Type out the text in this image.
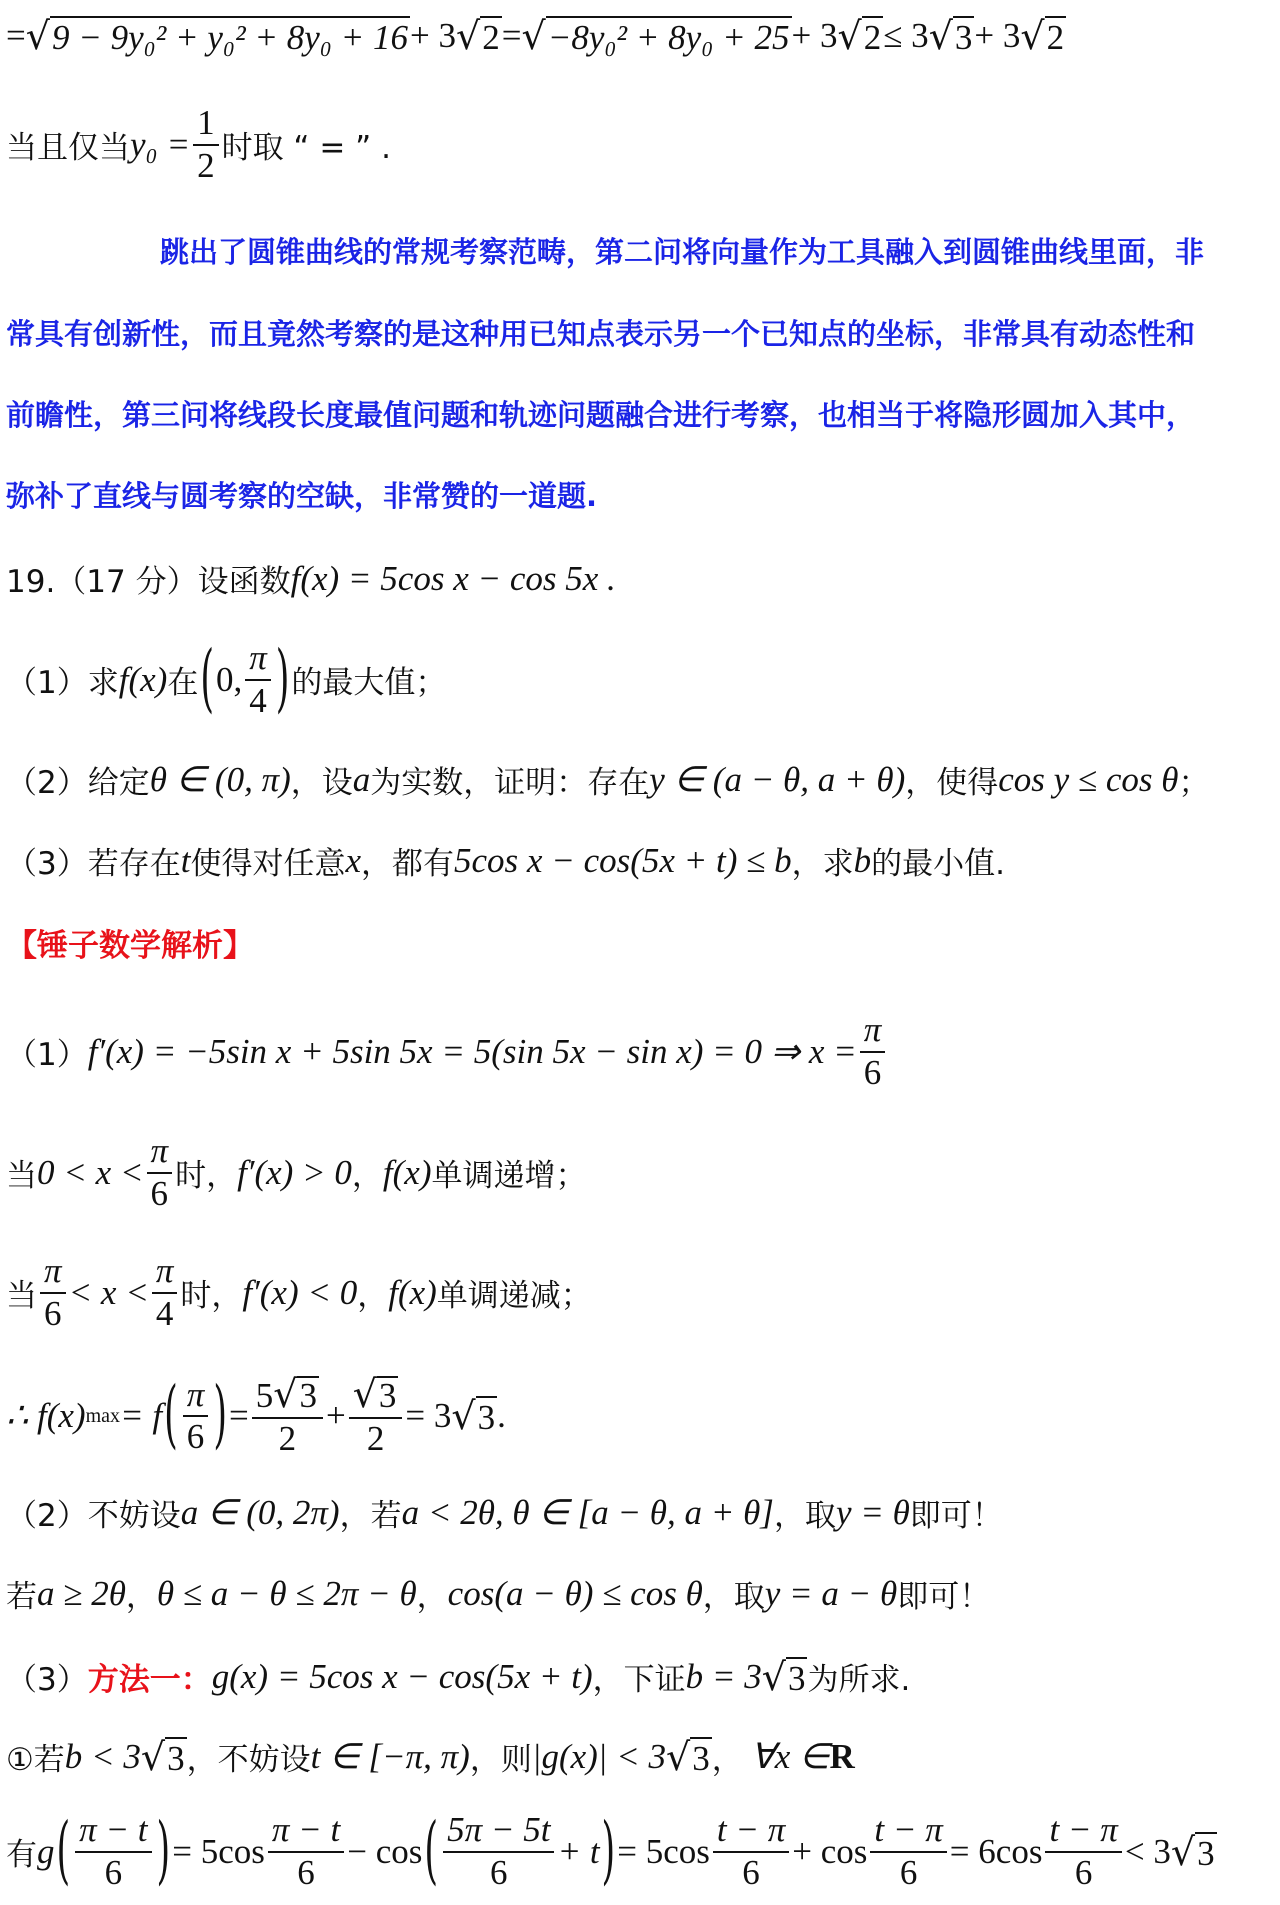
= √ 9 − 9y₀² + y₀² + 8y₀ + 16 + 3 √ 2 = √ −8y₀² + 8y₀ + 25 + 3 √ 2 ≤ 3 √ 3 + 3 √ 2
当且仅当 $y_0 = \frac{1}{2}$ 时取 “ = ” .
跳出了圆锥曲线的常规考察范畴，第二问将向量作为工具融入到圆锥曲线里面，非
常具有创新性，而且竟然考察的是这种用已知点表示另一个已知点的坐标，非常具有动态性和
前瞻性，第三问将线段长度最值问题和轨迹问题融合进行考察，也相当于将隐形圆加入其中，
弥补了直线与圆考察的空缺，非常赞的一道题.
19.（17 分）设函数 f(x) = 5cos x − cos 5x .
（1）求 f(x) 在 ( 0, $\frac{\pi}{4}$ ) 的最大值；
（2）给定 θ ∈ (0, π) ，设 a 为实数，证明：存在 y ∈ (a − θ, a + θ) ，使得 cos y ≤ cos θ ；
（3）若存在 t 使得对任意 x ，都有 5cos x − cos(5x + t) ≤ b ，求 b 的最小值.
【锤子数学解析】
（1） f′(x) = −5sin x + 5sin 5x = 5(sin 5x − sin x) = 0 ⇒ $x = \frac{\pi}{6}$
当 $0 < x < \frac{\pi}{6}$ 时， f′(x) > 0 ， f(x) 单调递增；
当 $\frac{\pi}{6} < x < \frac{\pi}{4}$ 时， f′(x) < 0 ， f(x) 单调递减；
∴ f(x) max = f ( $\frac{\pi}{6}$ ) = $\frac{5 √ 3}{2} + \frac{√ 3}{2} = 3$ √ 3 .
（2）不妨设 a ∈ (0, 2π) ，若 a < 2θ, θ ∈ [a − θ, a + θ] ，取 y = θ 即可！
若 a ≥ 2θ ， θ ≤ a − θ ≤ 2π − θ ， cos(a − θ) ≤ cos θ ，取 y = a − θ 即可！
（3） 方法一： g(x) = 5cos x − cos(5x + t) ，下证 b = 3 √ 3 为所求.
①若 b < 3 √ 3 ，不妨设 t ∈ [−π, π) ，则 |g(x)| < 3 √ 3 ， ∀x ∈ R
有 g ( $\frac{\pi - t}{6}$ ) = $5\cos \frac{\pi - t}{6} - \cos$ ( $\frac{5\pi - 5t}{6} + t$ ) = $5\cos \frac{t - \pi}{6} + \cos \frac{t - \pi}{6} = 6\cos \frac{t - \pi}{6} < 3$ √ 3
